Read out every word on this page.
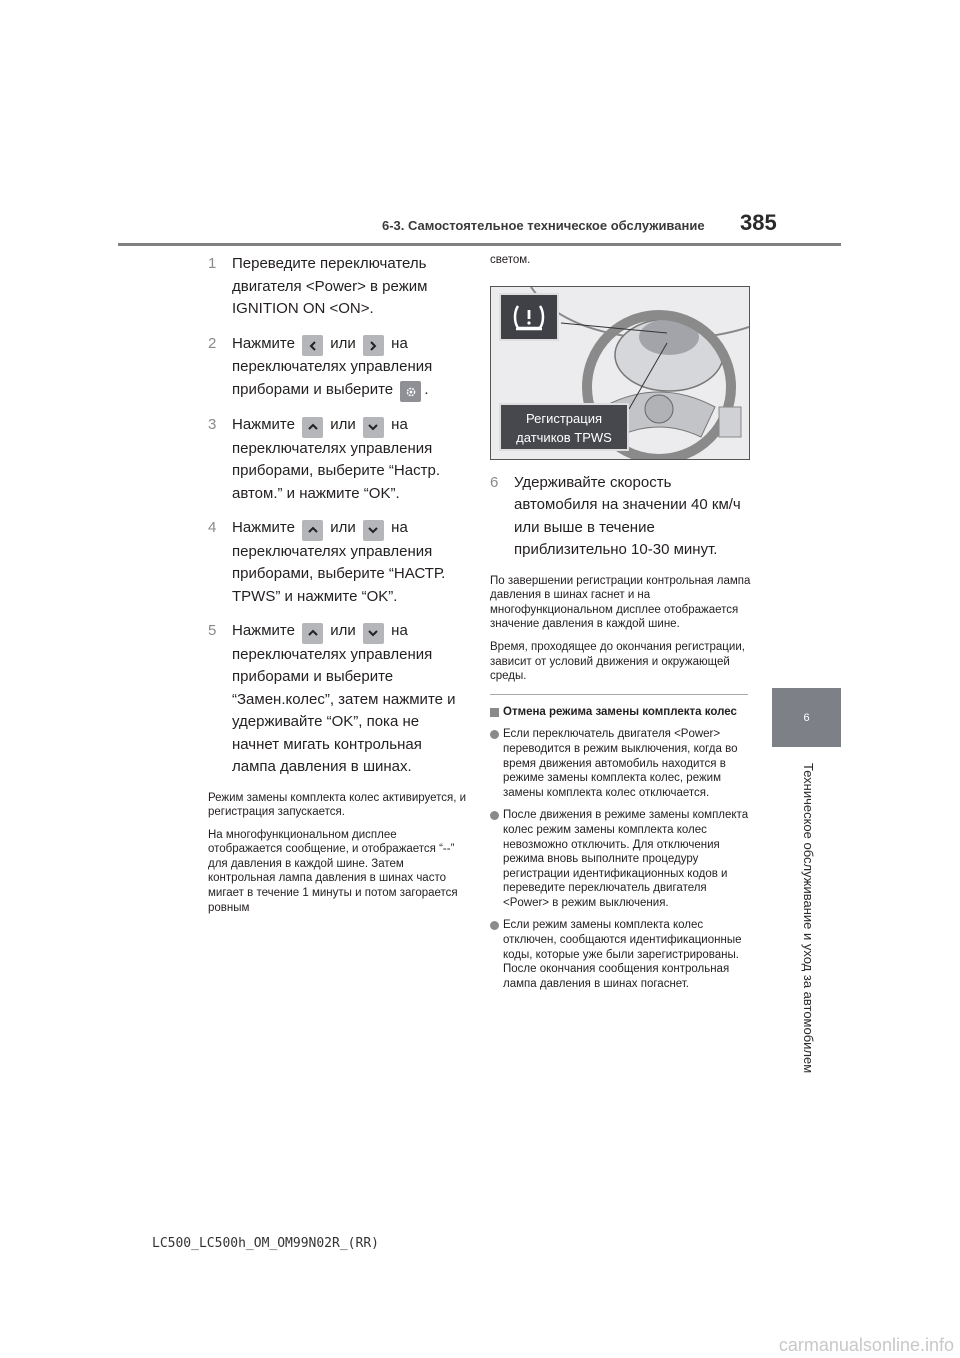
6-3. Самостоятельное техническое обслуживание 385
6
Техническое обслуживание и уход за автомобилем
1	Переведите переключатель двигателя <Power> в режим IGNITION ON <ON>.
2	Нажмите или на переключателях управления приборами и выберите .
3	Нажмите или на переключателях управления приборами, выберите “Настр. автом.” и нажмите “OK”.
4	Нажмите или на переключателях управления приборами, выберите “НАСТР. TPWS” и нажмите “OK”.
5	Нажмите или на переключателях управления приборами и выберите “Замен.колес”, затем нажмите и удерживайте “OK”, пока не начнет мигать контрольная лампа давления в шинах.
Режим замены комплекта колес активируется, и регистрация запускается.
На многофункциональном дисплее отображается сообщение, и отображается “--” для давления в каждой шине. Затем контрольная лампа давления в шинах часто мигает в течение 1 минуты и потом загорается ровным
светом.
Регистрация
датчиков TPWS
6	Удерживайте скорость автомобиля на значении 40 км/ч или выше в течение приблизительно 10-30 минут.
По завершении регистрации контрольная лампа давления в шинах гаснет и на многофункциональном дисплее отображается значение давления в каждой шине.
Время, проходящее до окончания регистрации, зависит от условий движения и окружающей среды.
Отмена режима замены комплекта колес
Если переключатель двигателя <Power> переводится в режим выключения, когда во время движения автомобиль находится в режиме замены комплекта колес, режим замены комплекта колес отключается.
После движения в режиме замены комплекта колес режим замены комплекта колес невозможно отключить. Для отключения режима вновь выполните процедуру регистрации идентификационных кодов и переведите переключатель двигателя <Power> в режим выключения.
Если режим замены комплекта колес отключен, сообщаются идентификационные коды, которые уже были зарегистрированы. После окончания сообщения контрольная лампа давления в шинах погаснет.
LC500_LC500h_OM_OM99N02R_(RR)
carmanualsonline.info
